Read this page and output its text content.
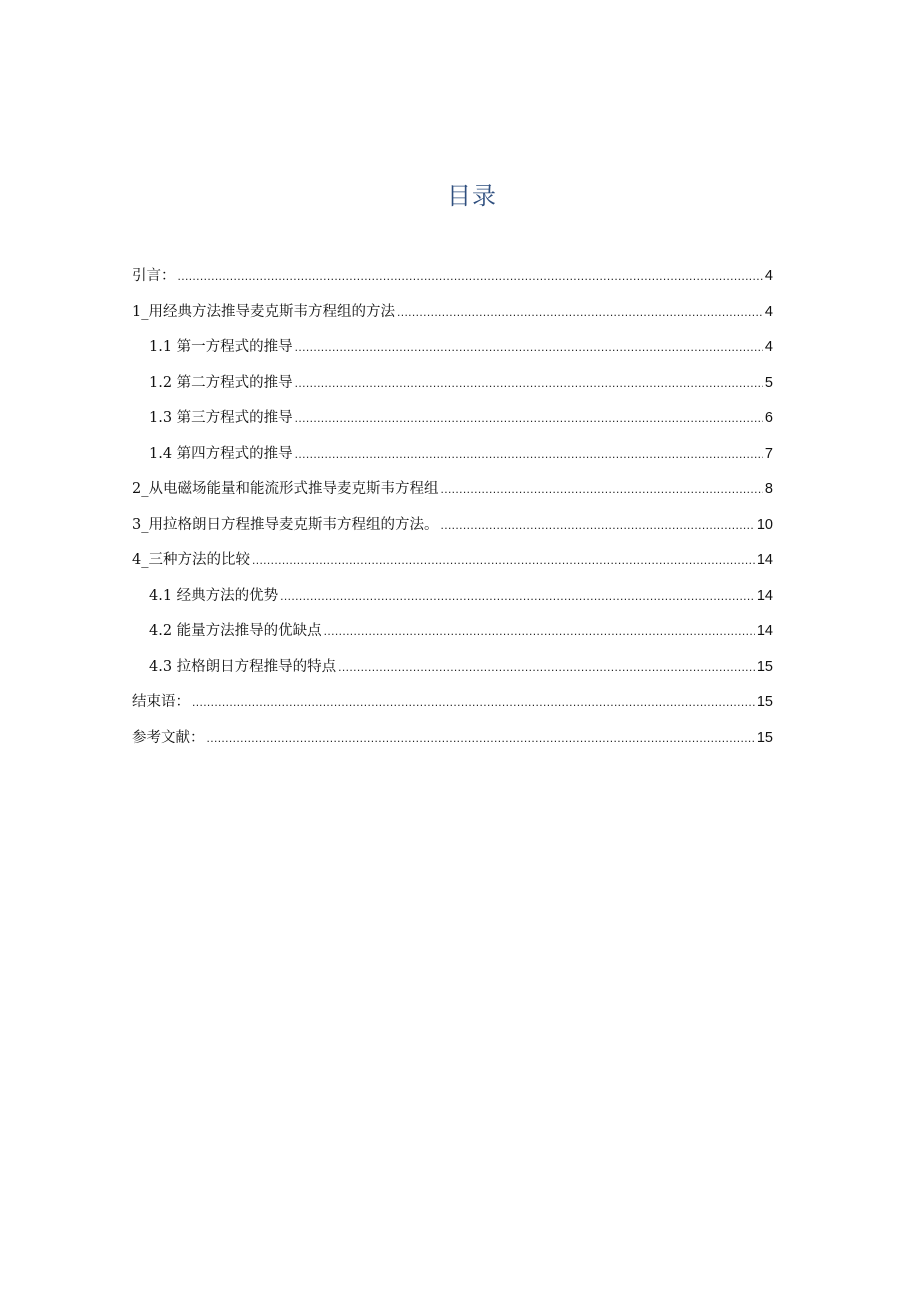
目录
引言： .....	4
1_用经典方法推导麦克斯韦方程组的方法 .....	4
1.1 第一方程式的推导 .....	4
1.2 第二方程式的推导 .....	5
1.3 第三方程式的推导 .....	6
1.4 第四方程式的推导 .....	7
2_从电磁场能量和能流形式推导麦克斯韦方程组 .....	8
3_用拉格朗日方程推导麦克斯韦方程组的方法。 .....	10
4_三种方法的比较 .....	14
4.1 经典方法的优势 .....	14
4.2 能量方法推导的优缺点 .....	14
4.3 拉格朗日方程推导的特点 .....	15
结束语： .....	15
参考文献： .....	15
